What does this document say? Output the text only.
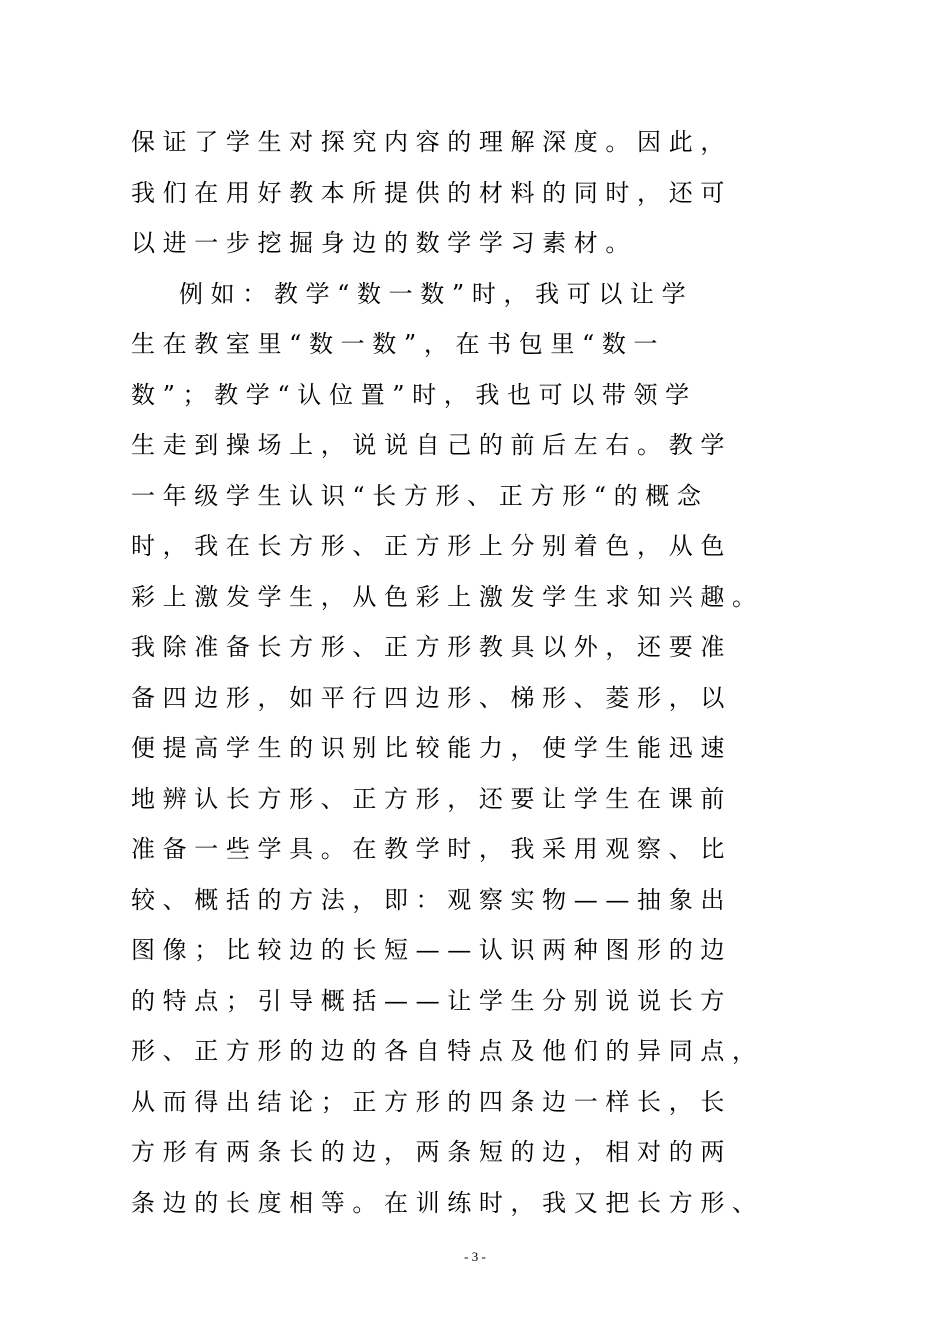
保 证 了 学 生 对 探 究 内 容 的 理 解 深 度 。 因 此 ，
我 们 在 用 好 教 本 所 提 供 的 材 料 的 同 时 ， 还 可
以 进 一 步 挖 掘 身 边 的 数 学 学 习 素 材 。
例 如 ： 教 学 “ 数 一 数 ” 时 ， 我 可 以 让 学
生 在 教 室 里 “ 数 一 数 ” ， 在 书 包 里 “ 数 一
数 ” ； 教 学 “ 认 位 置 ” 时 ， 我 也 可 以 带 领 学
生 走 到 操 场 上 ， 说 说 自 己 的 前 后 左 右 。 教 学
一 年 级 学 生 认 识 “ 长 方 形 、 正 方 形 “ 的 概 念
时 ， 我 在 长 方 形 、 正 方 形 上 分 别 着 色 ， 从 色
彩 上 激 发 学 生 ， 从 色 彩 上 激 发 学 生 求 知 兴 趣 。
我 除 准 备 长 方 形 、 正 方 形 教 具 以 外 ， 还 要 准
备 四 边 形 ， 如 平 行 四 边 形 、 梯 形 、 菱 形 ， 以
便 提 高 学 生 的 识 别 比 较 能 力 ， 使 学 生 能 迅 速
地 辨 认 长 方 形 、 正 方 形 ， 还 要 让 学 生 在 课 前
准 备 一 些 学 具 。 在 教 学 时 ， 我 采 用 观 察 、 比
较 、 概 括 的 方 法 ， 即 ： 观 察 实 物 — — 抽 象 出
图 像 ； 比 较 边 的 长 短 — — 认 识 两 种 图 形 的 边
的 特 点 ； 引 导 概 括 — — 让 学 生 分 别 说 说 长 方
形 、 正 方 形 的 边 的 各 自 特 点 及 他 们 的 异 同 点 ，
从 而 得 出 结 论 ； 正 方 形 的 四 条 边 一 样 长 ， 长
方 形 有 两 条 长 的 边 ， 两 条 短 的 边 ， 相 对 的 两
条 边 的 长 度 相 等 。 在 训 练 时 ， 我 又 把 长 方 形 、
- 3 -
